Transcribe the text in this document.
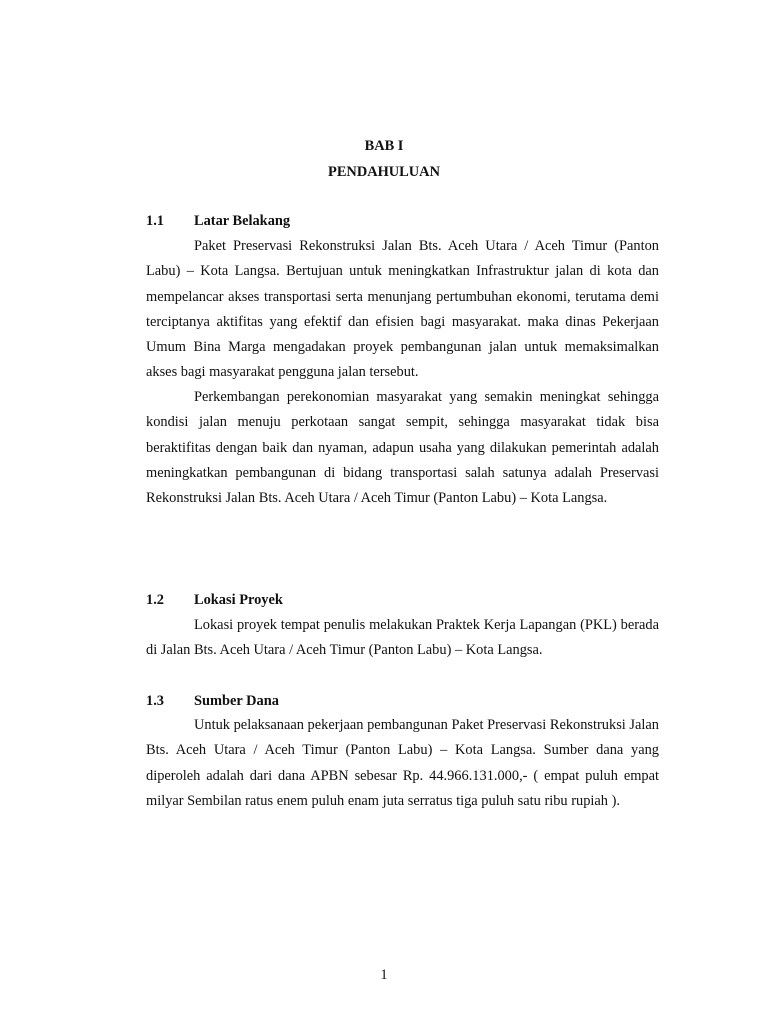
BAB I
PENDAHULUAN
1.1 Latar Belakang

Paket Preservasi Rekonstruksi Jalan Bts. Aceh Utara / Aceh Timur (Panton Labu) – Kota Langsa. Bertujuan untuk meningkatkan Infrastruktur jalan di kota dan mempelancar akses transportasi serta menunjang pertumbuhan ekonomi, terutama demi terciptanya aktifitas yang efektif dan efisien bagi masyarakat. maka dinas Pekerjaan Umum Bina Marga mengadakan proyek pembangunan jalan untuk memaksimalkan akses bagi masyarakat pengguna jalan tersebut.

Perkembangan perekonomian masyarakat yang semakin meningkat sehingga kondisi jalan menuju perkotaan sangat sempit, sehingga masyarakat tidak bisa beraktifitas dengan baik dan nyaman, adapun usaha yang dilakukan pemerintah adalah meningkatkan pembangunan di bidang transportasi salah satunya adalah Preservasi Rekonstruksi Jalan Bts. Aceh Utara / Aceh Timur (Panton Labu) – Kota Langsa.

1.2 Lokasi Proyek

Lokasi proyek tempat penulis melakukan Praktek Kerja Lapangan (PKL) berada di Jalan Bts. Aceh Utara / Aceh Timur (Panton Labu) – Kota Langsa.

1.3 Sumber Dana

Untuk pelaksanaan pekerjaan pembangunan Paket Preservasi Rekonstruksi Jalan Bts. Aceh Utara / Aceh Timur (Panton Labu) – Kota Langsa. Sumber dana yang diperoleh adalah dari dana APBN sebesar Rp. 44.966.131.000,- ( empat puluh empat milyar Sembilan ratus enem puluh enam juta serratus tiga puluh satu ribu rupiah ).

1
